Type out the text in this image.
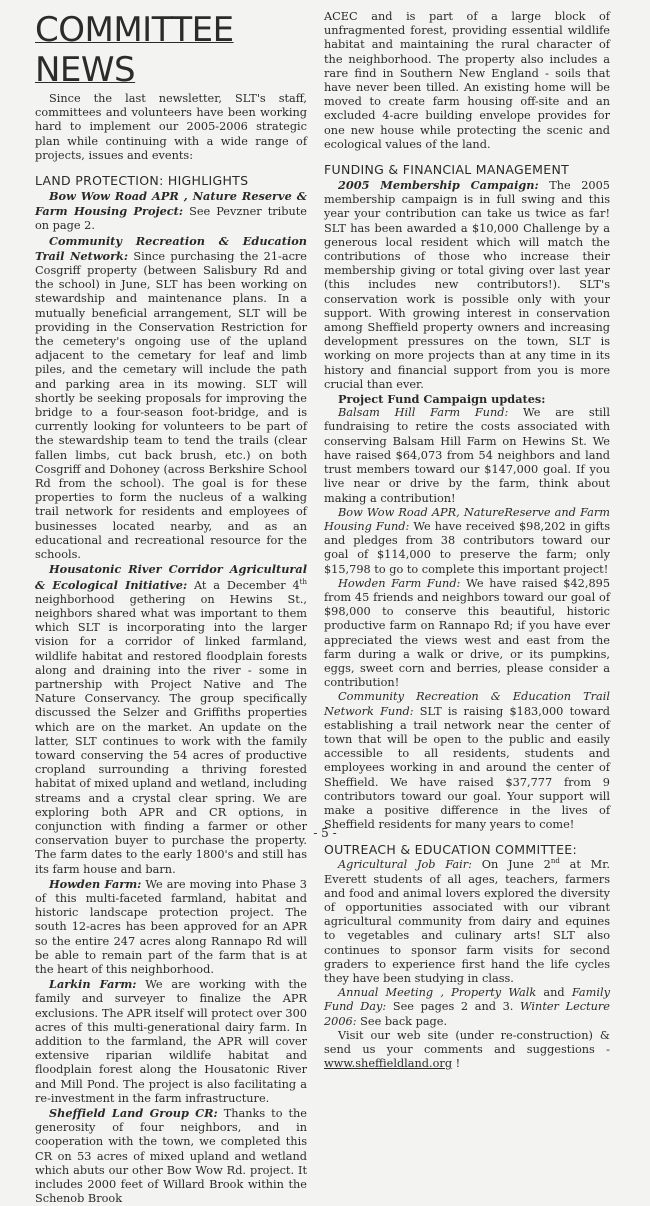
COMMITTEE NEWS

Since the last newsletter, SLT's staff, committees and volunteers have been working hard to implement our 2005-2006 strategic plan while continuing with a wide range of projects, issues and events:

LAND PROTECTION: HIGHLIGHTS

Bow Wow Road APR , Nature Reserve & Farm Housing Project: See Pevzner tribute on page 2.

Community Recreation & Education Trail Network: Since purchasing the 21-acre Cosgriff property (between Salisbury Rd and the school) in June, SLT has been working on stewardship and maintenance plans. In a mutually beneficial arrangement, SLT will be providing in the Conservation Restriction for the cemetery's ongoing use of the upland adjacent to the cemetary for leaf and limb piles, and the cemetary will include the path and parking area in its mowing. SLT will shortly be seeking proposals for improving the bridge to a four-season foot-bridge, and is currently looking for volunteers to be part of the stewardship team to tend the trails (clear fallen limbs, cut back brush, etc.) on both Cosgriff and Dohoney (across Berkshire School Rd from the school). The goal is for these properties to form the nucleus of a walking trail network for residents and employees of businesses located nearby, and as an educational and recreational resource for the schools.

Housatonic River Corridor Agricultural & Ecological Initiative: At a December 4th neighborhood gethering on Hewins St., neighbors shared what was important to them which SLT is incorporating into the larger vision for a corridor of linked farmland, wildlife habitat and restored floodplain forests along and draining into the river - some in partnership with Project Native and The Nature Conservancy. The group specifically discussed the Selzer and Griffiths properties which are on the market. An update on the latter, SLT continues to work with the family toward conserving the 54 acres of productive cropland surrounding a thriving forested habitat of mixed upland and wetland, including streams and a crystal clear spring. We are exploring both APR and CR options, in conjunction with finding a farmer or other conservation buyer to purchase the property. The farm dates to the early 1800's and still has its farm house and barn.

Howden Farm: We are moving into Phase 3 of this multi-faceted farmland, habitat and historic landscape protection project. The south 12-acres has been approved for an APR so the entire 247 acres along Rannapo Rd will be able to remain part of the farm that is at the heart of this neighborhood.

Larkin Farm: We are working with the family and surveyer to finalize the APR exclusions. The APR itself will protect over 300 acres of this multi-generational dairy farm. In addition to the farmland, the APR will cover extensive riparian wildlife habitat and floodplain forest along the Housatonic River and Mill Pond. The project is also facilitating a re-investment in the farm infrastructure.

Sheffield Land Group CR: Thanks to the generosity of four neighbors, and in cooperation with the town, we completed this CR on 53 acres of mixed upland and wetland which abuts our other Bow Wow Rd. project. It includes 2000 feet of Willard Brook within the Schenob Brook

ACEC and is part of a large block of unfragmented forest, providing essential wildlife habitat and maintaining the rural character of the neighborhood. The property also includes a rare find in Southern New England - soils that have never been tilled. An existing home will be moved to create farm housing off-site and an excluded 4-acre building envelope provides for one new house while protecting the scenic and ecological values of the land.

FUNDING & FINANCIAL MANAGEMENT

2005 Membership Campaign: The 2005 membership campaign is in full swing and this year your contribution can take us twice as far! SLT has been awarded a $10,000 Challenge by a generous local resident which will match the contributions of those who increase their membership giving or total giving over last year (this includes new contributors!). SLT's conservation work is possible only with your support. With growing interest in conservation among Sheffield property owners and increasing development pressures on the town, SLT is working on more projects than at any time in its history and financial support from you is more crucial than ever.

Project Fund Campaign updates:

Balsam Hill Farm Fund: We are still fundraising to retire the costs associated with conserving Balsam Hill Farm on Hewins St. We have raised $64,073 from 54 neighbors and land trust members toward our $147,000 goal. If you live near or drive by the farm, think about making a contribution!

Bow Wow Road APR, NatureReserve and Farm Housing Fund: We have received $98,202 in gifts and pledges from 38 contributors toward our goal of $114,000 to preserve the farm; only $15,798 to go to complete this important project!

Howden Farm Fund: We have raised $42,895 from 45 friends and neighbors toward our goal of $98,000 to conserve this beautiful, historic productive farm on Rannapo Rd; if you have ever appreciated the views west and east from the farm during a walk or drive, or its pumpkins, eggs, sweet corn and berries, please consider a contribution!

Community Recreation & Education Trail Network Fund: SLT is raising $183,000 toward establishing a trail network near the center of town that will be open to the public and easily accessible to all residents, students and employees working in and around the center of Sheffield. We have raised $37,777 from 9 contributors toward our goal. Your support will make a positive difference in the lives of Sheffield residents for many years to come!

OUTREACH & EDUCATION COMMITTEE:

Agricultural Job Fair: On June 2nd at Mr. Everett students of all ages, teachers, farmers and food and animal lovers explored the diversity of opportunities associated with our vibrant agricultural community from dairy and equines to vegetables and culinary arts! SLT also continues to sponsor farm visits for second graders to experience first hand the life cycles they have been studying in class.

Annual Meeting , Property Walk and Family Fund Day: See pages 2 and 3. Winter Lecture 2006: See back page.

Visit our web site (under re-construction) & send us your comments and suggestions - www.sheffieldland.org !

- 5 -
